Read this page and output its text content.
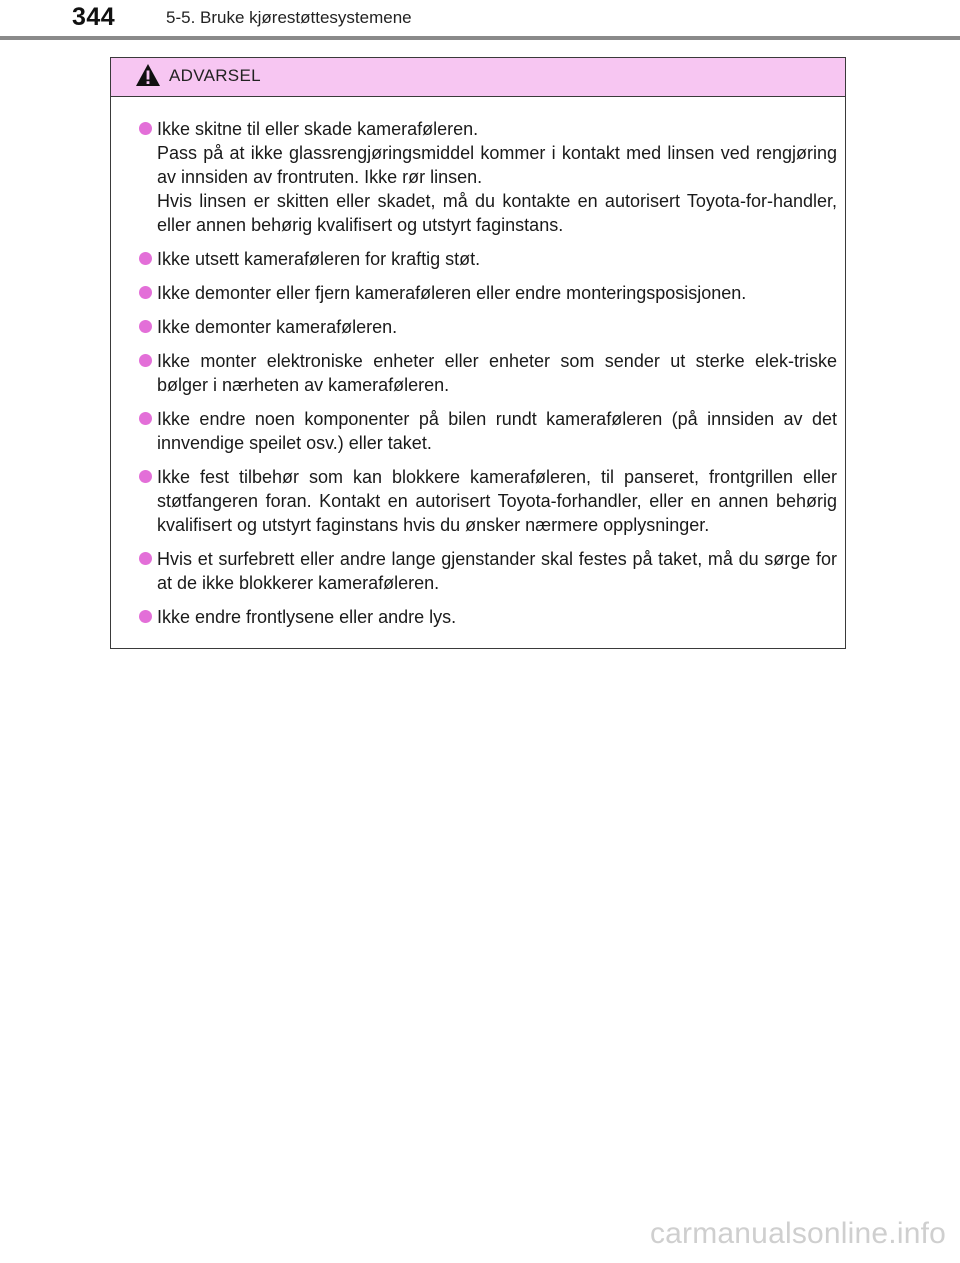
344	5-5. Bruke kjørestøttesystemene
ADVARSEL
Ikke skitne til eller skade kameraføleren.
Pass på at ikke glassrengjøringsmiddel kommer i kontakt med linsen ved rengjøring av innsiden av frontruten. Ikke rør linsen.
Hvis linsen er skitten eller skadet, må du kontakte en autorisert Toyota-for-handler, eller annen behørig kvalifisert og utstyrt faginstans.
Ikke utsett kameraføleren for kraftig støt.
Ikke demonter eller fjern kameraføleren eller endre monteringsposisjonen.
Ikke demonter kameraføleren.
Ikke monter elektroniske enheter eller enheter som sender ut sterke elek-triske bølger i nærheten av kameraføleren.
Ikke endre noen komponenter på bilen rundt kameraføleren (på innsiden av det innvendige speilet osv.) eller taket.
Ikke fest tilbehør som kan blokkere kameraføleren, til panseret, frontgrillen eller støtfangeren foran. Kontakt en autorisert Toyota-forhandler, eller en annen behørig kvalifisert og utstyrt faginstans hvis du ønsker nærmere opplysninger.
Hvis et surfebrett eller andre lange gjenstander skal festes på taket, må du sørge for at de ikke blokkerer kameraføleren.
Ikke endre frontlysene eller andre lys.
carmanualsonline.info
